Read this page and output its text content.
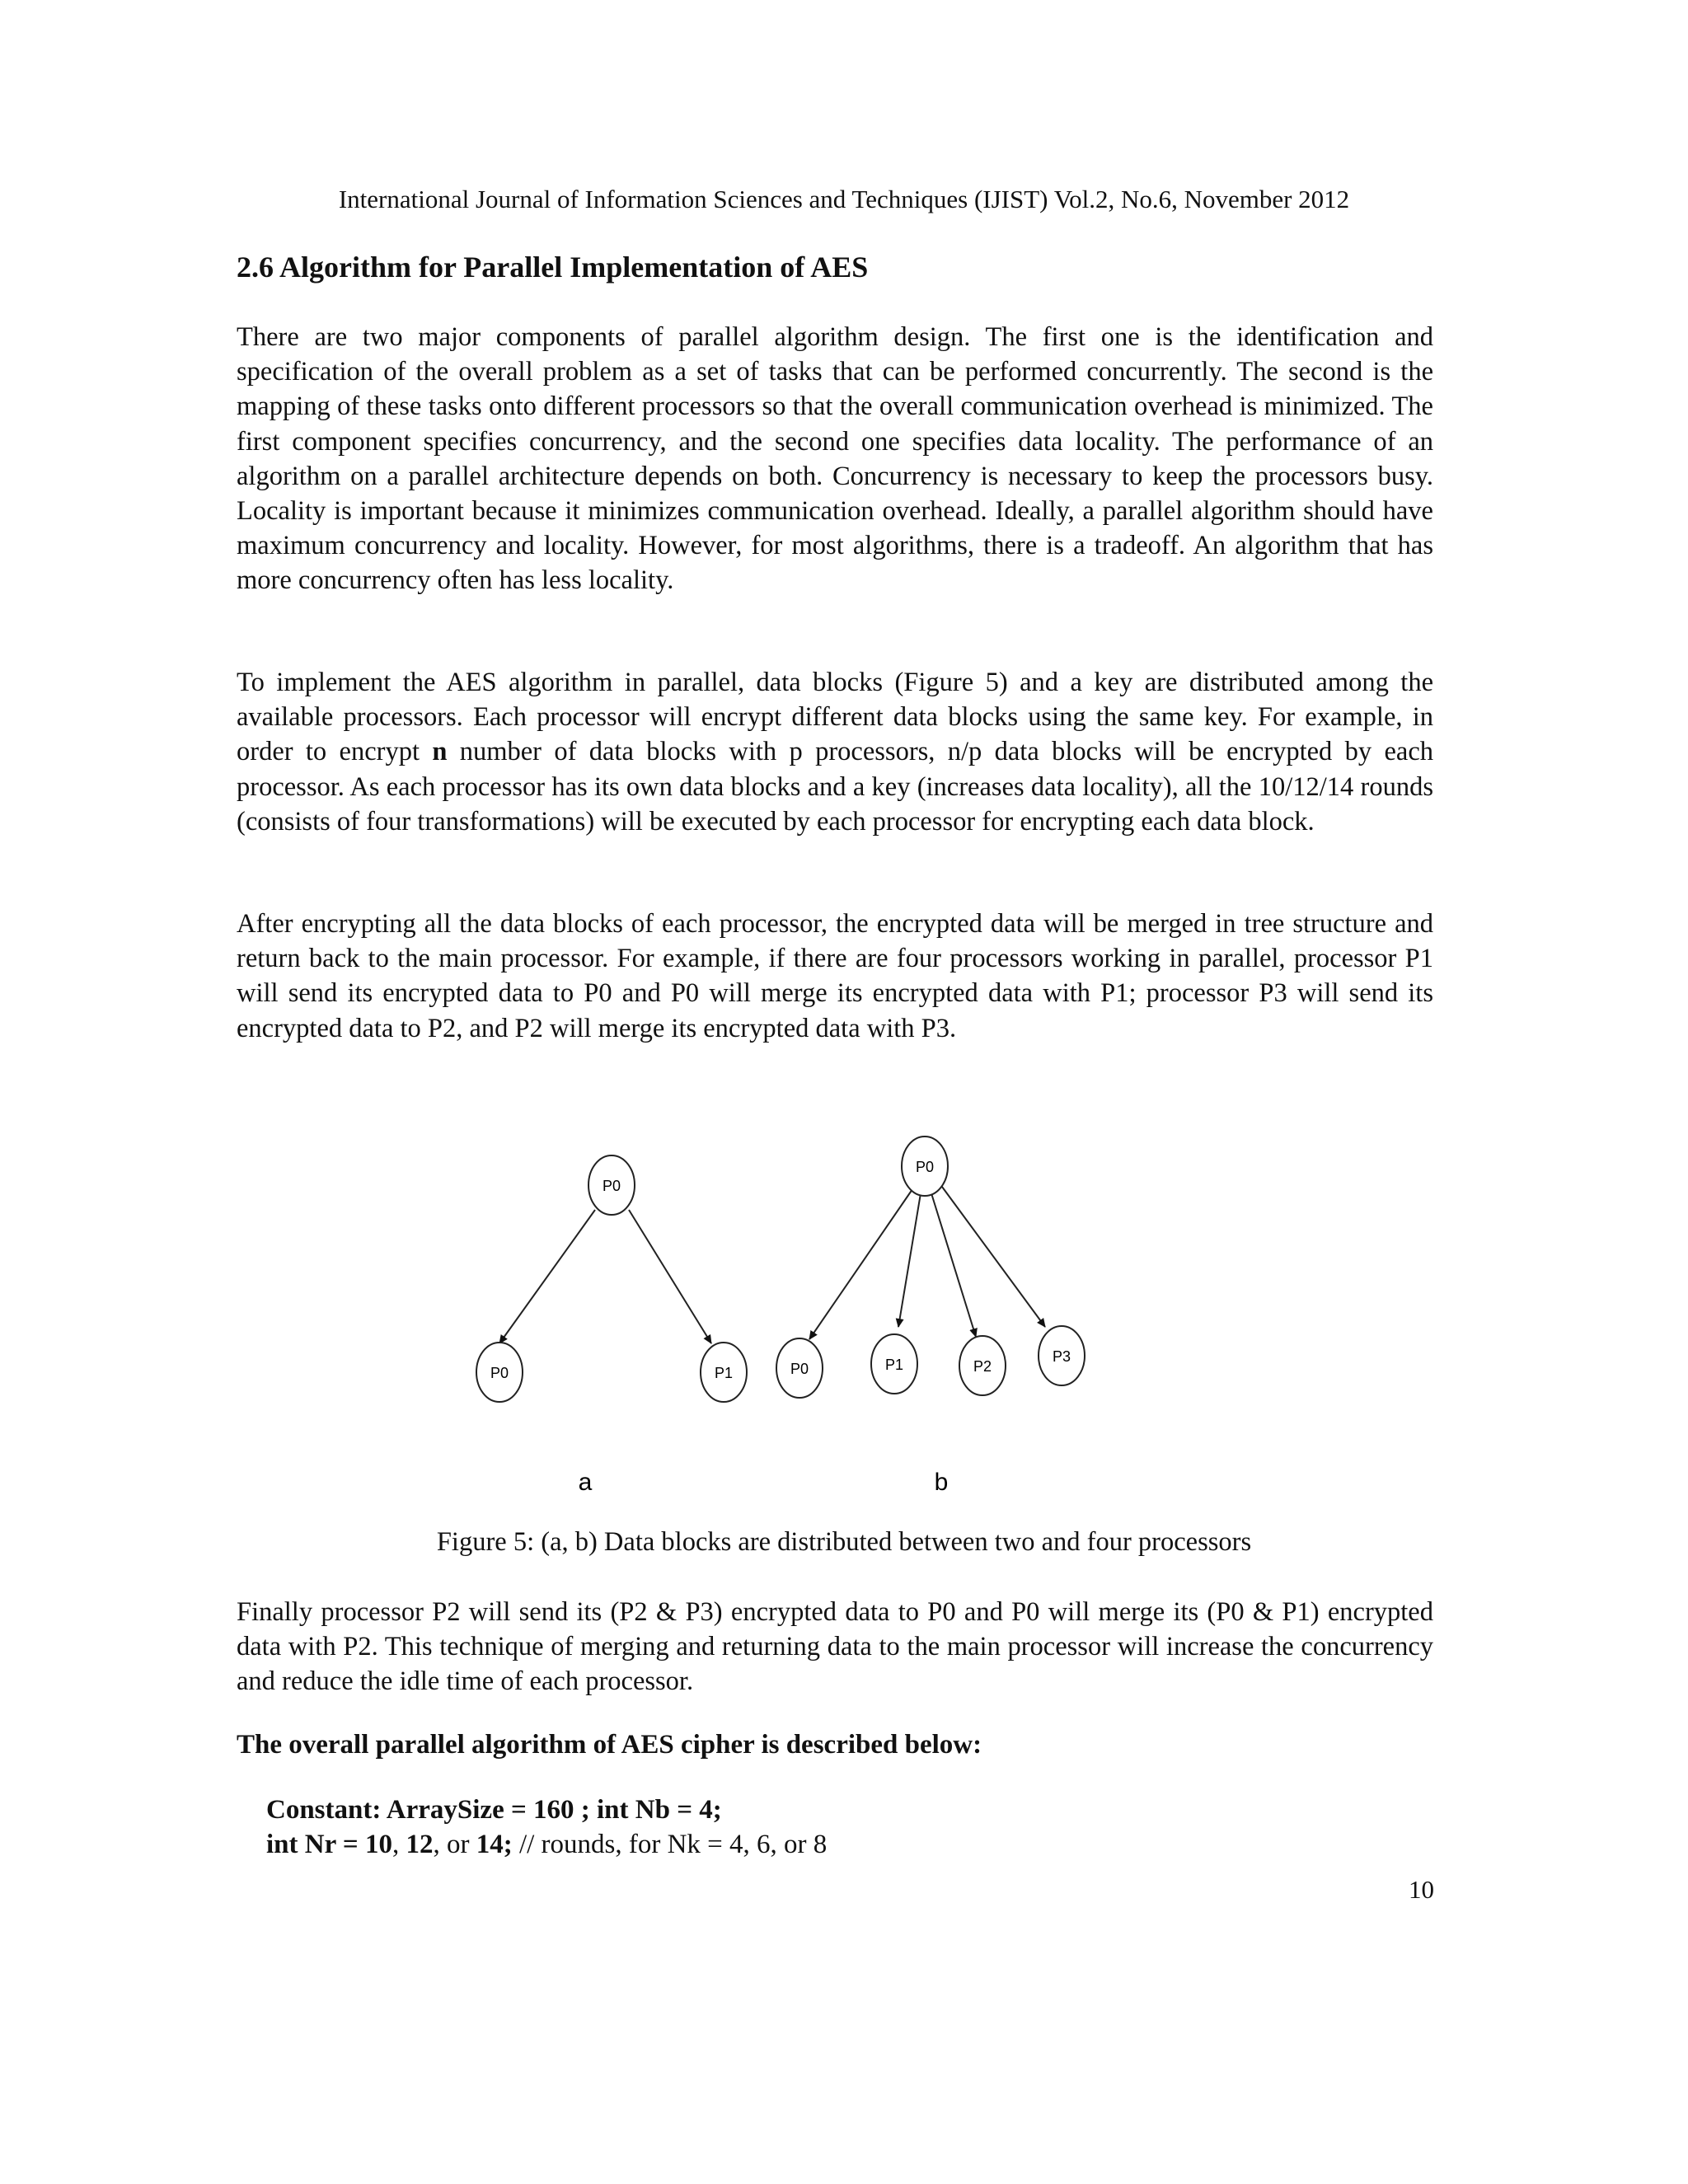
International Journal of Information Sciences and Techniques (IJIST) Vol.2, No.6, November 2012
2.6 Algorithm for Parallel Implementation of AES

There are two major components of parallel algorithm design. The first one is the identification and specification of the overall problem as a set of tasks that can be performed concurrently. The second is the mapping of these tasks onto different processors so that the overall communication overhead is minimized. The first component specifies concurrency, and the second one specifies data locality. The performance of an algorithm on a parallel architecture depends on both. Concurrency is necessary to keep the processors busy. Locality is important because it minimizes communication overhead. Ideally, a parallel algorithm should have maximum concurrency and locality. However, for most algorithms, there is a tradeoff. An algorithm that has more concurrency often has less locality.

To implement the AES algorithm in parallel, data blocks (Figure 5) and a key are distributed among the available processors. Each processor will encrypt different data blocks using the same key. For example, in order to encrypt n number of data blocks with p processors, n/p data blocks will be encrypted by each processor. As each processor has its own data blocks and a key (increases data locality), all the 10/12/14 rounds (consists of four transformations) will be executed by each processor for encrypting each data block.

After encrypting all the data blocks of each processor, the encrypted data will be merged in tree structure and return back to the main processor. For example, if there are four processors working in parallel, processor P1 will send its encrypted data to P0 and P0 will merge its encrypted data with P1; processor P3 will send its encrypted data to P2, and P2 will merge its encrypted data with P3.

P0
P0	P1
P0
P0	P1	P2
P3
a	b
Figure 5: (a, b) Data blocks are distributed between two and four processors

Finally processor P2 will send its (P2 & P3) encrypted data to P0 and P0 will merge its (P0 & P1) encrypted data with P2. This technique of merging and returning data to the main processor will increase the concurrency and reduce the idle time of each processor.

The overall parallel algorithm of AES cipher is described below:
Constant: ArraySize = 160 ; int Nb = 4;
int Nr = 10, 12, or 14; // rounds, for Nk = 4, 6, or 8
10
